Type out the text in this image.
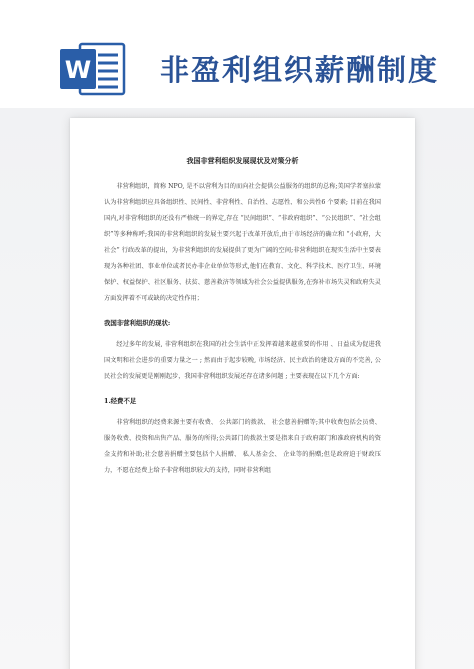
W 非盈利组织薪酬制度
我国非营利组织发展现状及对策分析

非营利组织，简称 NPO, 是不以营利为目的而向社会提供公益服务的组织的总称;美国学者塞拉蒙认为非营利组织应具备组织性、民间性、非营利性、自治性、志愿性、和公共性6 个要素; 目前在我国国内,对非营利组织的还没有严格统一的界定,存在 “民间组织”、“非政府组织”、“公民组织”、“社会组织”等多种称呼;我国的非营利组织的发展主要兴起于改革开放后,由于市场经济的确立和 “小政府，大社会” 行政改革的提出，为非营利组织的发展提供了更为广阔的空间;非营利组织在现实生活中主要表现为各种社团、事业单位或者民办非企业单位等形式,他们在教育、文化、科学技术、医疗卫生、环境保护、权益保护、社区服务、扶贫、慈善救济等领域为社会公益提供服务,在弥补市场失灵和政府失灵方面发挥着不可或缺的决定性作用；

我国非营利组织的现状:

经过多年的发展, 非营利组织在我国的社会生活中正发挥着越来越重要的作用 、日益成为促进我国文明和社会进步的重要力量之一 ; 然而由于起步较晚, 市场经济、民主政治的建设方面的不完善, 公民社会的发展更是刚刚起步，我国非营利组织发展还存在诸多问题 ; 主要表现在以下几个方面:

1.经费不足

非营利组织的经费来源主要有收费、 公共部门的拨款、 社会慈善捐赠等;其中收费包括会员费、服务收费、投资和出售产品、服务的所得;公共部门的拨款主要是指来自于政府部门和准政府机构的资金支持和补助;社会慈善捐赠主要包括个人捐赠、 私人基金会、 企业等的捐赠;但是政府迫于财政压力，不愿在经费上给予非营利组织较大的支持，同时非营利组
